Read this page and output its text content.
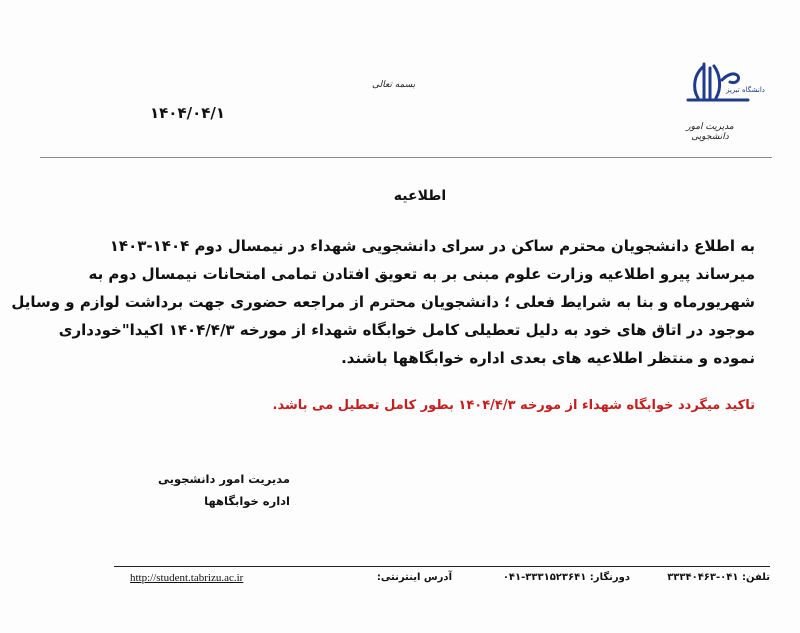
دانشگاه تبریز
مدیریت امور دانشجویی
بسمه تعالی
۱۴۰۴/۰۴/۱
اطلاعیه
به اطلاع دانشجویان محترم ساکن در سرای دانشجویی شهداء در نیمسال دوم ۱۴۰۴-۱۴۰۳
میرساند پیرو اطلاعیه وزارت علوم مبنی بر به تعویق افتادن تمامی امتحانات نیمسال دوم به
شهریورماه و بنا به شرایط فعلی ؛ دانشجویان محترم از مراجعه حضوری جهت برداشت لوازم و وسایل
موجود در اتاق های خود به دلیل تعطیلی کامل خوابگاه شهداء از مورخه ۱۴۰۴/۴/۳ اکیدا"خودداری
نموده و منتظر اطلاعیه های بعدی اداره خوابگاهها باشند.
تاکید میگردد خوابگاه شهداء از مورخه ۱۴۰۴/۴/۳ بطور کامل تعطیل می باشد.
مدیریت امور دانشجویی
اداره خوابگاهها
تلفن: ۰۴۱-۳۳۳۴۰۴۶۳
دورنگار: ۳۳۳۱۵۲۳۶۴۱-۰۴۱
آدرس اینترنتی:
http://student.tabrizu.ac.ir
